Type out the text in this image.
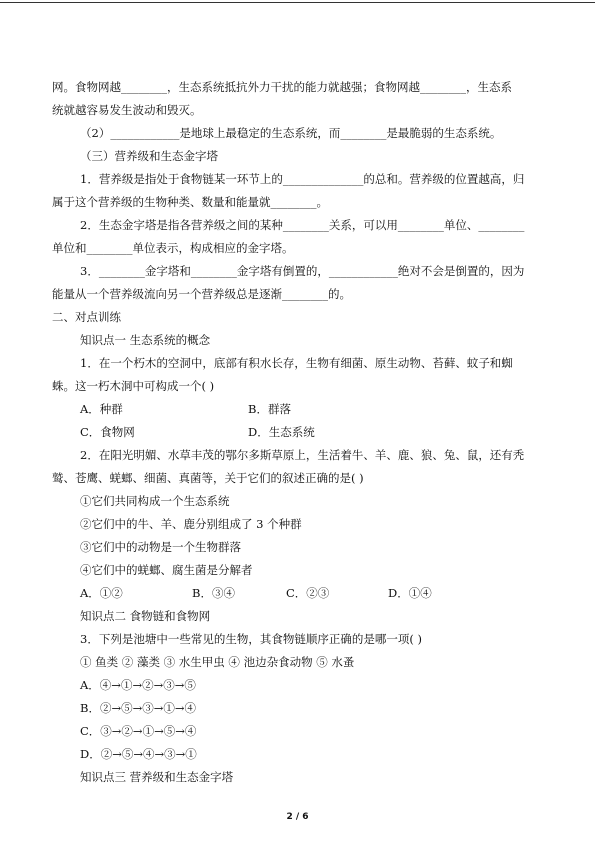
网。食物网越________，生态系统抵抗外力干扰的能力就越强；食物网越________，生态系
统就越容易发生波动和毁灭。
（2）____________是地球上最稳定的生态系统，而________是最脆弱的生态系统。
（三）营养级和生态金字塔
1．营养级是指处于食物链某一环节上的______________的总和。营养级的位置越高，归
属于这个营养级的生物种类、数量和能量就________。
2．生态金字塔是指各营养级之间的某种________关系，可以用________单位、________
单位和________单位表示，构成相应的金字塔。
3．________金字塔和________金字塔有倒置的，____________绝对不会是倒置的，因为
能量从一个营养级流向另一个营养级总是逐渐________的。
二、对点训练
知识点一 生态系统的概念
1．在一个朽木的空洞中，底部有积水长存，生物有细菌、原生动物、苔藓、蚊子和蜘
蛛。这一朽木洞中可构成一个( )
A．种群	B．群落
C．食物网	D．生态系统
2．在阳光明媚、水草丰茂的鄂尔多斯草原上，生活着牛、羊、鹿、狼、兔、鼠，还有秃
鹫、苍鹰、蜣螂、细菌、真菌等，关于它们的叙述正确的是( )
①它们共同构成一个生态系统
②它们中的牛、羊、鹿分别组成了 3 个种群
③它们中的动物是一个生物群落
④它们中的蜣螂、腐生菌是分解者
A．①②	B．③④	C．②③	D．①④
知识点二 食物链和食物网
3．下列是池塘中一些常见的生物，其食物链顺序正确的是哪一项( )
① 鱼类 ② 藻类 ③ 水生甲虫 ④ 池边杂食动物 ⑤ 水蚤
A．④→①→②→③→⑤
B．②→⑤→③→①→④
C．③→②→①→⑤→④
D．②→⑤→④→③→①
知识点三 营养级和生态金字塔
2 / 6
